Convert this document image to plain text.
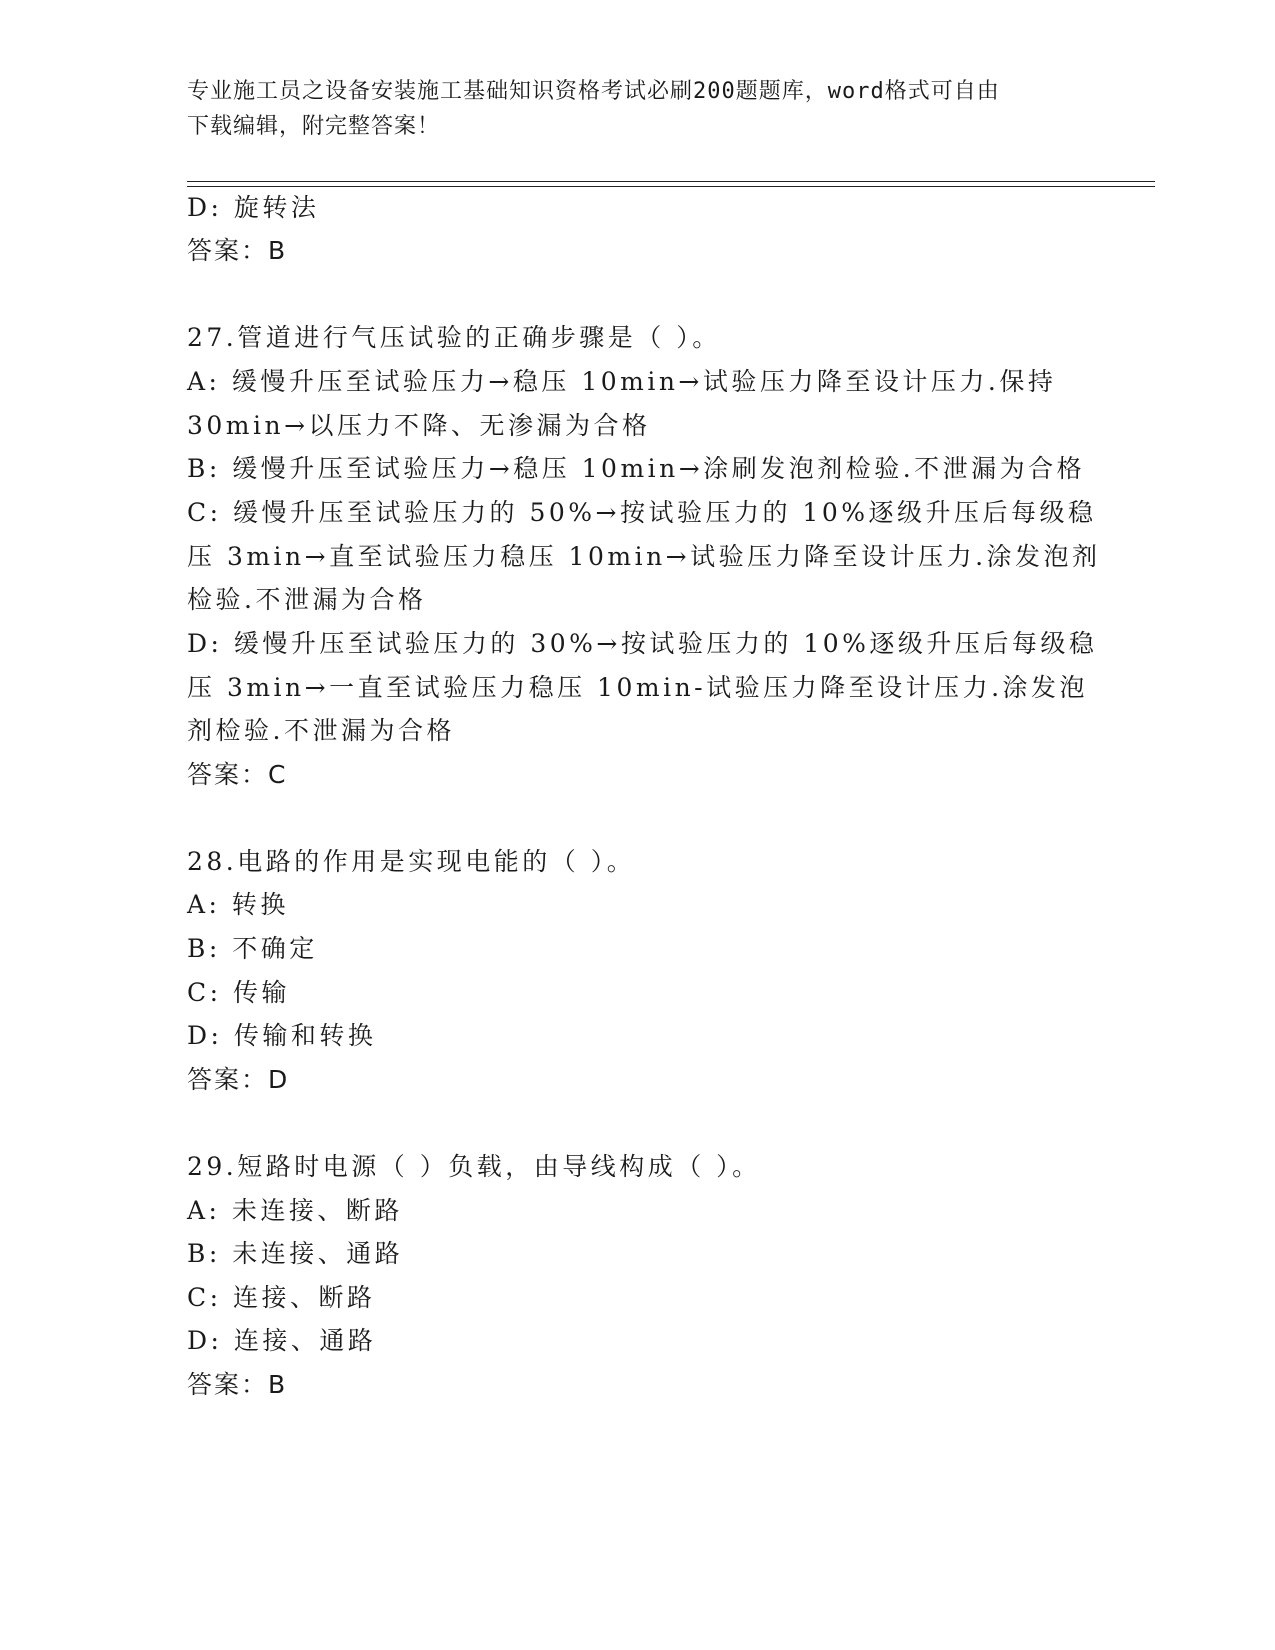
专业施工员之设备安装施工基础知识资格考试必刷200题题库，word格式可自由
下载编辑，附完整答案！
D: 旋转法
答案：B
27.管道进行气压试验的正确步骤是（ ）。
A: 缓慢升压至试验压力→稳压 10min→试验压力降至设计压力.保持
30min→以压力不降、无渗漏为合格
B: 缓慢升压至试验压力→稳压 10min→涂刷发泡剂检验.不泄漏为合格
C: 缓慢升压至试验压力的 50%→按试验压力的 10%逐级升压后每级稳
压 3min→直至试验压力稳压 10min→试验压力降至设计压力.涂发泡剂
检验.不泄漏为合格
D: 缓慢升压至试验压力的 30%→按试验压力的 10%逐级升压后每级稳
压 3min→一直至试验压力稳压 10min-试验压力降至设计压力.涂发泡
剂检验.不泄漏为合格
答案：C
28.电路的作用是实现电能的（ ）。
A: 转换
B: 不确定
C: 传输
D: 传输和转换
答案：D
29.短路时电源（ ）负载，由导线构成（ ）。
A: 未连接、断路
B: 未连接、通路
C: 连接、断路
D: 连接、通路
答案：B
